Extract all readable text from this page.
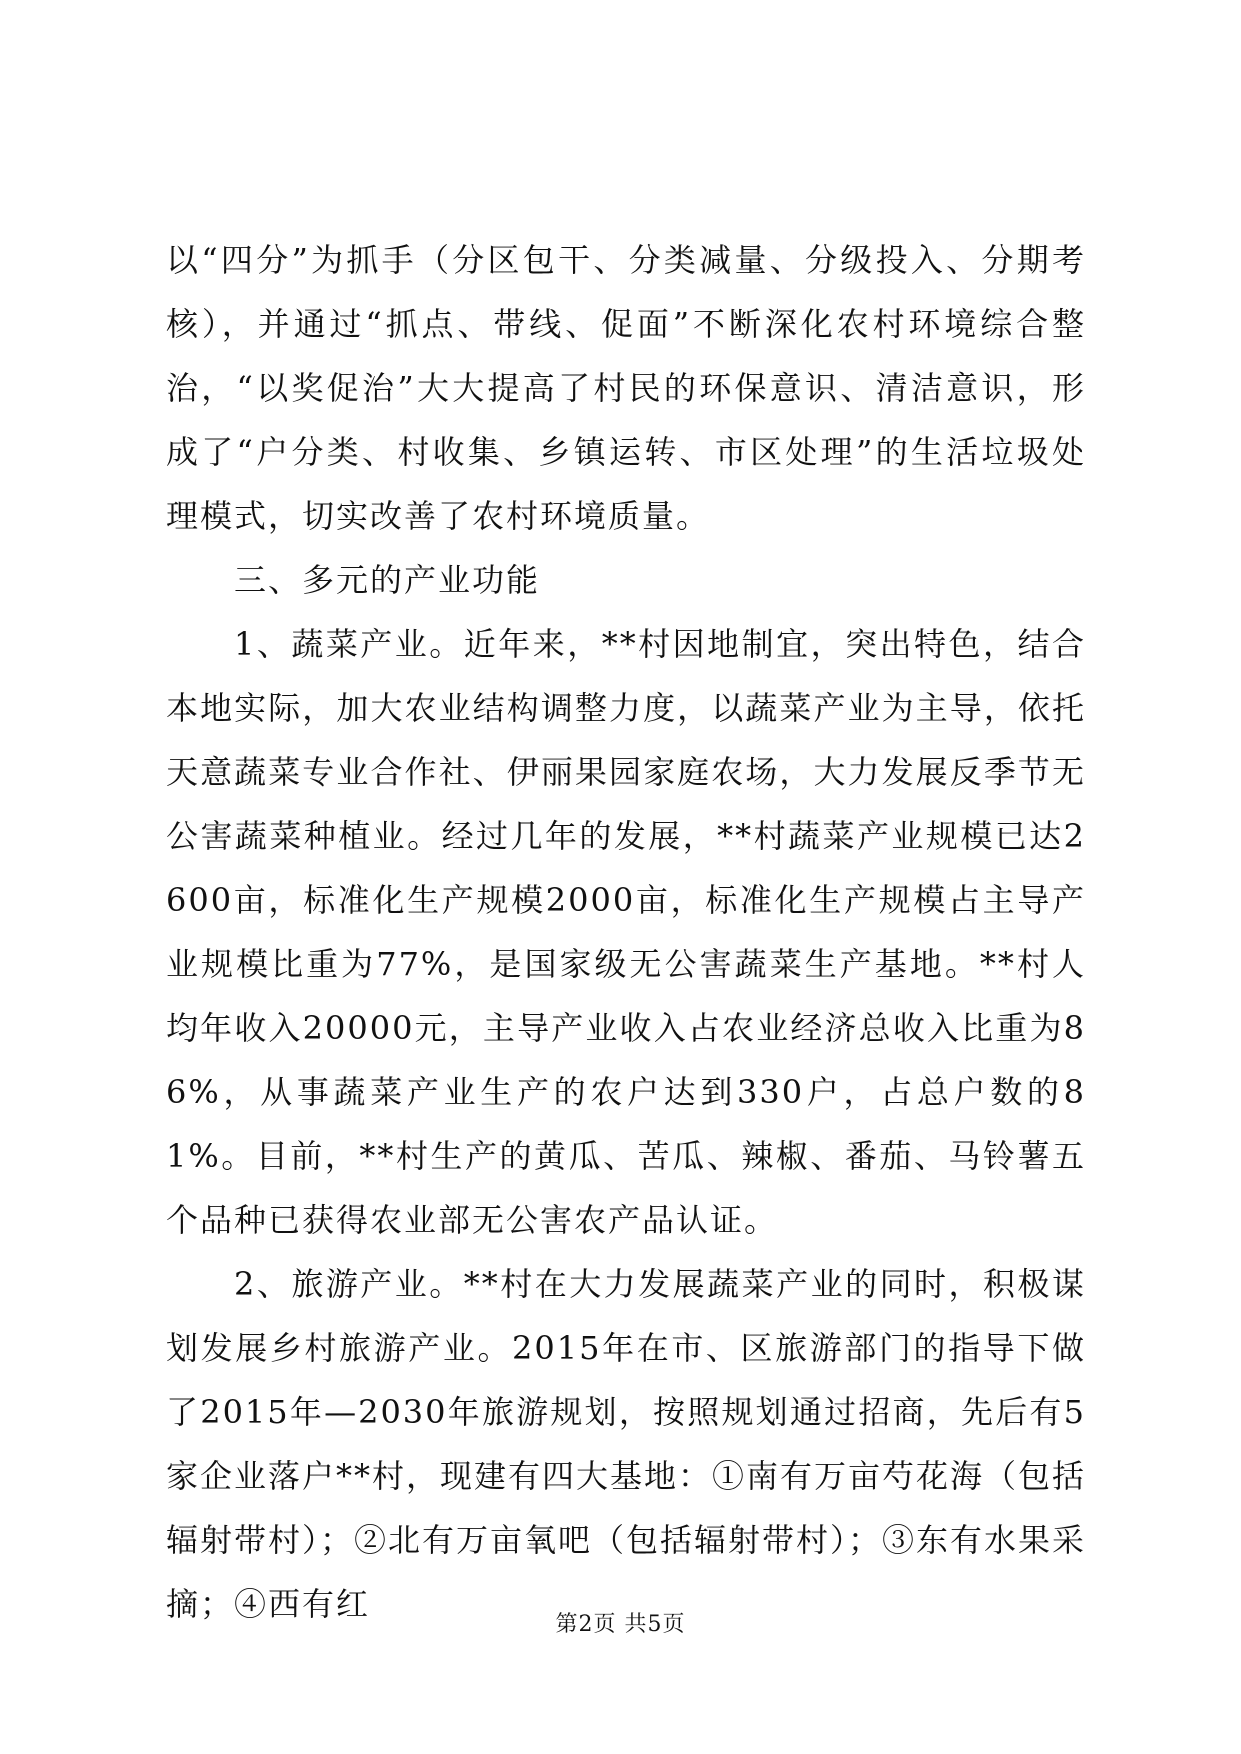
以“四分”为抓手（分区包干、分类减量、分级投入、分期考核），并通过“抓点、带线、促面”不断深化农村环境综合整治，“以奖促治”大大提高了村民的环保意识、清洁意识，形成了“户分类、村收集、乡镇运转、市区处理”的生活垃圾处理模式，切实改善了农村环境质量。

三、多元的产业功能

1、蔬菜产业。近年来，**村因地制宜，突出特色，结合本地实际，加大农业结构调整力度，以蔬菜产业为主导，依托天意蔬菜专业合作社、伊丽果园家庭农场，大力发展反季节无公害蔬菜种植业。经过几年的发展，**村蔬菜产业规模已达2600亩，标准化生产规模2000亩，标准化生产规模占主导产业规模比重为77%，是国家级无公害蔬菜生产基地。**村人均年收入20000元，主导产业收入占农业经济总收入比重为86%，从事蔬菜产业生产的农户达到330户，占总户数的81%。目前，**村生产的黄瓜、苦瓜、辣椒、番茄、马铃薯五个品种已获得农业部无公害农产品认证。

2、旅游产业。**村在大力发展蔬菜产业的同时，积极谋划发展乡村旅游产业。2015年在市、区旅游部门的指导下做了2015年—2030年旅游规划，按照规划通过招商，先后有5家企业落户**村，现建有四大基地：①南有万亩芍花海（包括辐射带村）；②北有万亩氧吧（包括辐射带村）；③东有水果采摘；④西有红

第2页 共5页
